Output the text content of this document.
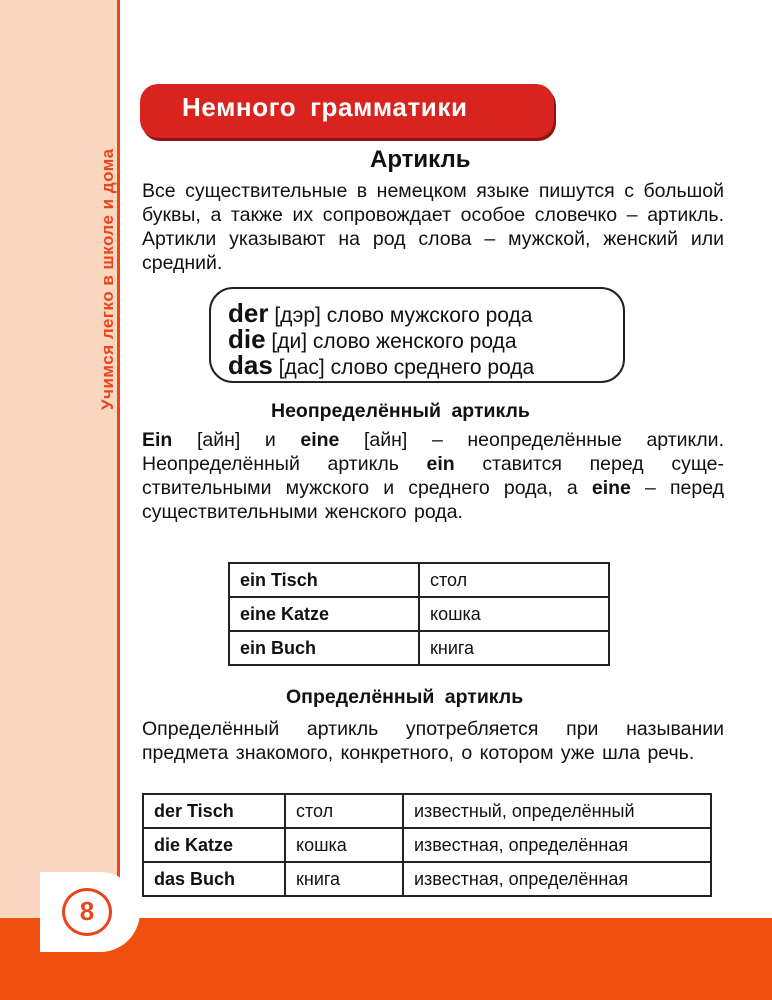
Учимся легко в школе и дома
8
Немного грамматики
Артикль
Все существительные в немецком языке пишутся с большой буквы, а также их сопровождает особое словечко – артикль. Артикли указывают на род слова – мужской, женский или средний.
der [дэр] слово мужского рода
die [ди] слово женского рода
das [дас] слово среднего рода
Неопределённый артикль
Ein [айн] и eine [айн] – неопределённые артикли. Неопределённый артикль ein ставится перед существительными мужского и среднего рода, а eine – перед существительными женского рода.
ein Tisch	стол
eine Katze	кошка
ein Buch	книга
Определённый артикль
Определённый артикль употребляется при назывании предмета знакомого, конкретного, о котором уже шла речь.
der Tisch	стол	известный, определённый
die Katze	кошка	известная, определённая
das Buch	книга	известная, определённая
